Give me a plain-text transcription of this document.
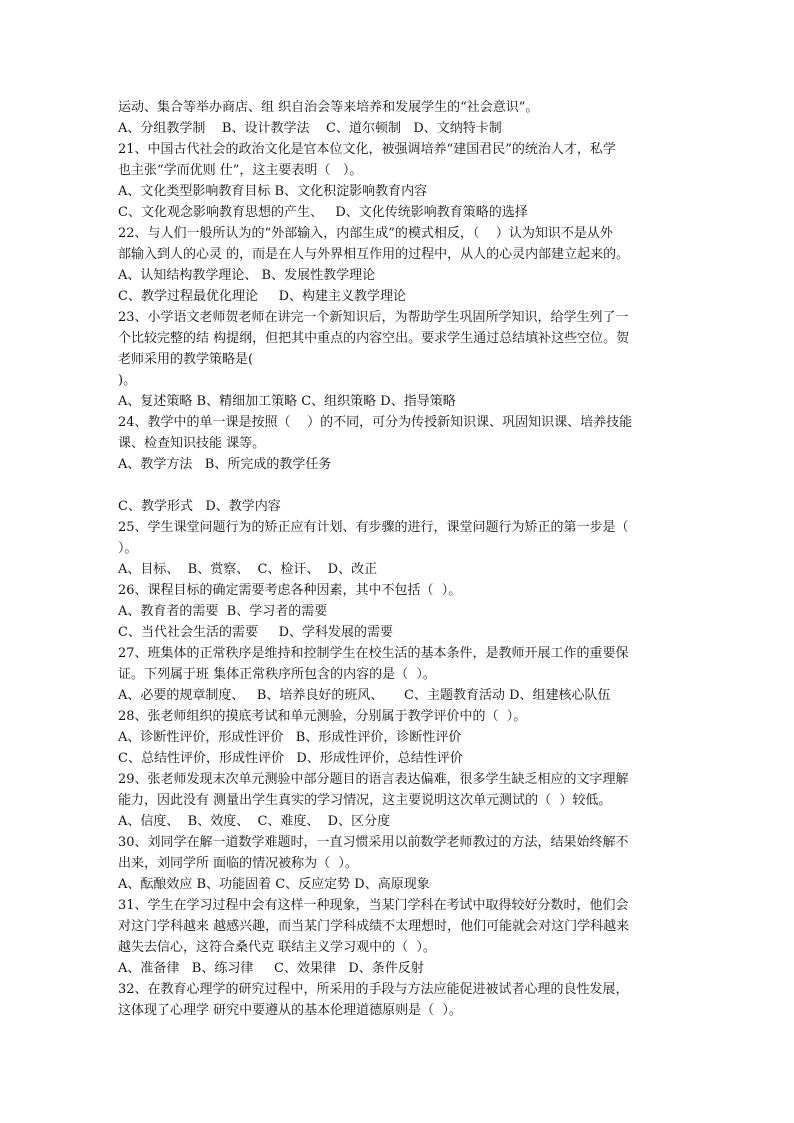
运动、集合等举办商店、组 织自治会等来培养和发展学生的“社会意识”。
A、分组教学制    B、设计教学法    C、道尔顿制   D、文纳特卡制
21、中国古代社会的政治文化是官本位文化，被强调培养“建国君民”的统治人才，私学
也主张“学而优则 仕”，这主要表明（   ）。
A、文化类型影响教育目标 B、文化积淀影响教育内容
C、文化观念影响教育思想的产生、   D、文化传统影响教育策略的选择
22、与人们一般所认为的“外部输入，内部生成”的模式相反，（    ）认为知识不是从外
部输入到人的心灵 的，而是在人与外界相互作用的过程中，从人的心灵内部建立起来的。
A、认知结构教学理论、 B、发展性教学理论
C、教学过程最优化理论     D、构建主义教学理论
23、小学语文老师贺老师在讲完一个新知识后，为帮助学生巩固所学知识，给学生列了一
个比较完整的结 构提纲，但把其中重点的内容空出。要求学生通过总结填补这些空位。贺
老师采用的教学策略是(
)。
A、复述策略 B、精细加工策略 C、组织策略 D、指导策略
24、教学中的单一课是按照（    ）的不同，可分为传授新知识课、巩固知识课、培养技能
课、检查知识技能 课等。
A、教学方法   B、所完成的教学任务
C、教学形式   D、教学内容
25、学生课堂问题行为的矫正应有计划、有步骤的进行，课堂问题行为矫正的第一步是（
）。
A、目标、  B、赏察、  C、检讦、  D、改正
26、课程目标的确定需要考虑各种因素，其中不包括（  ）。
A、教育者的需要  B、学习者的需要
C、当代社会生活的需要     D、学科发展的需要
27、班集体的正常秩序是维持和控制学生在校生活的基本条件，是教师开展工作的重要保
证。下列属于班 集体正常秩序所包含的内容的是（  ）。
A、必要的规章制度、   B、培养良好的班风、     C、主题教育活动 D、组建核心队伍
28、张老师组织的摸底考试和单元测验，分别属于教学评价中的（  ）。
A、诊断性评价，形成性评价   B、形成性评价，诊断性评价
C、总结性评价，形成性评价   D、形成性评价，总结性评价
29、张老师发现末次单元测验中部分题目的语言表达偏难，很多学生缺乏相应的文字理解
能力，因此没有 测量出学生真实的学习情况，这主要说明这次单元测试的（  ）较低。
A、信度、  B、效度、  C、难度、  D、区分度
30、刘同学在解一道数学难题时，一直习惯采用以前数学老师教过的方法，结果始终解不
出来，刘同学所 面临的情况被称为（  ）。
A、酝酿效应 B、功能固着 C、反应定势 D、高原现象
31、学生在学习过程中会有这样一种现象，当某门学科在考试中取得较好分数时，他们会
对这门学科越来 越感兴趣，而当某门学科成绩不太理想时，他们可能就会对这门学科越来
越失去信心，这符合桑代克 联结主义学习观中的（  ）。
A、准备律   B、练习律     C、效果律   D、条件反射
32、在教育心理学的研究过程中，所采用的手段与方法应能促进被试者心理的良性发展，
这体现了心理学 研究中要遵从的基本伦理道德原则是（  ）。
